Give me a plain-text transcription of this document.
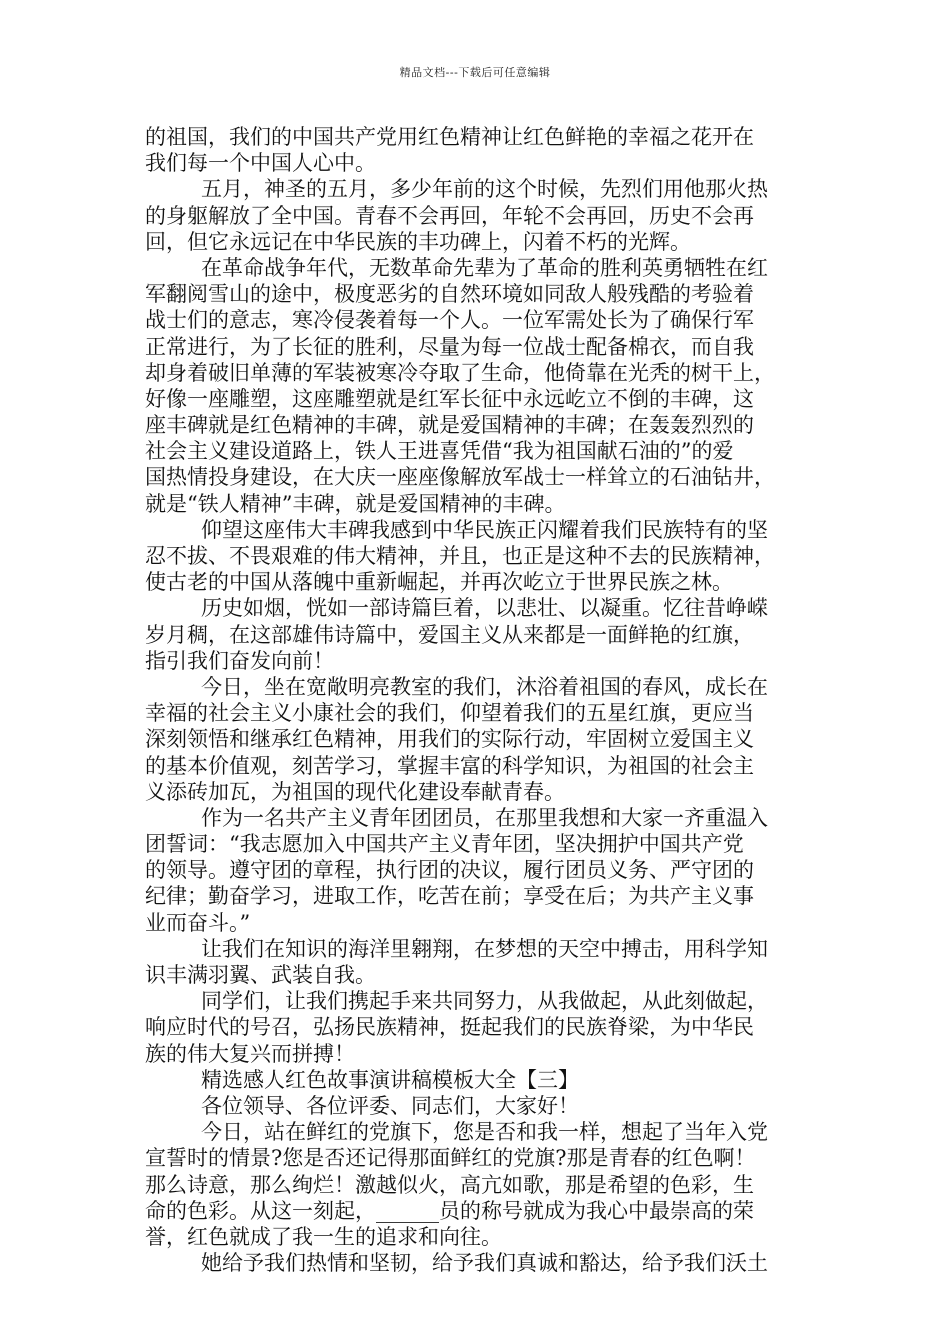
精品文档---下载后可任意编辑
的祖国，我们的中国共产党用红色精神让红色鲜艳的幸福之花开在
我们每一个中国人心中。
五月，神圣的五月，多少年前的这个时候，先烈们用他那火热
的身躯解放了全中国。青春不会再回，年轮不会再回，历史不会再
回，但它永远记在中华民族的丰功碑上，闪着不朽的光辉。
在革命战争年代，无数革命先辈为了革命的胜利英勇牺牲在红
军翻阅雪山的途中，极度恶劣的自然环境如同敌人般残酷的考验着
战士们的意志，寒冷侵袭着每一个人。一位军需处长为了确保行军
正常进行，为了长征的胜利，尽量为每一位战士配备棉衣，而自我
却身着破旧单薄的军装被寒冷夺取了生命，他倚靠在光秃的树干上，
好像一座雕塑，这座雕塑就是红军长征中永远屹立不倒的丰碑，这
座丰碑就是红色精神的丰碑，就是爱国精神的丰碑；在轰轰烈烈的
社会主义建设道路上，铁人王进喜凭借“我为祖国献石油的”的爱
国热情投身建设，在大庆一座座像解放军战士一样耸立的石油钻井，
就是“铁人精神”丰碑，就是爱国精神的丰碑。
仰望这座伟大丰碑我感到中华民族正闪耀着我们民族特有的坚
忍不拔、不畏艰难的伟大精神，并且，也正是这种不去的民族精神，
使古老的中国从落魄中重新崛起，并再次屹立于世界民族之林。
历史如烟，恍如一部诗篇巨着，以悲壮、以凝重。忆往昔峥嵘
岁月稠，在这部雄伟诗篇中，爱国主义从来都是一面鲜艳的红旗，
指引我们奋发向前！
今日，坐在宽敞明亮教室的我们，沐浴着祖国的春风，成长在
幸福的社会主义小康社会的我们，仰望着我们的五星红旗，更应当
深刻领悟和继承红色精神，用我们的实际行动，牢固树立爱国主义
的基本价值观，刻苦学习，掌握丰富的科学知识，为祖国的社会主
义添砖加瓦，为祖国的现代化建设奉献青春。
作为一名共产主义青年团团员，在那里我想和大家一齐重温入
团誓词：“我志愿加入中国共产主义青年团，坚决拥护中国共产党
的领导。遵守团的章程，执行团的决议，履行团员义务、严守团的
纪律；勤奋学习，进取工作，吃苦在前；享受在后；为共产主义事
业而奋斗。”
让我们在知识的海洋里翱翔，在梦想的天空中搏击，用科学知
识丰满羽翼、武装自我。
同学们，让我们携起手来共同努力，从我做起，从此刻做起，
响应时代的号召，弘扬民族精神，挺起我们的民族脊梁，为中华民
族的伟大复兴而拼搏！
精选感人红色故事演讲稿模板大全【三】
各位领导、各位评委、同志们，大家好！
今日，站在鲜红的党旗下，您是否和我一样，想起了当年入党
宣誓时的情景?您是否还记得那面鲜红的党旗?那是青春的红色啊！
那么诗意，那么绚烂！激越似火，高亢如歌，那是希望的色彩，生
命的色彩。从这一刻起，______员的称号就成为我心中最崇高的荣
誉，红色就成了我一生的追求和向往。
她给予我们热情和坚韧，给予我们真诚和豁达，给予我们沃土
